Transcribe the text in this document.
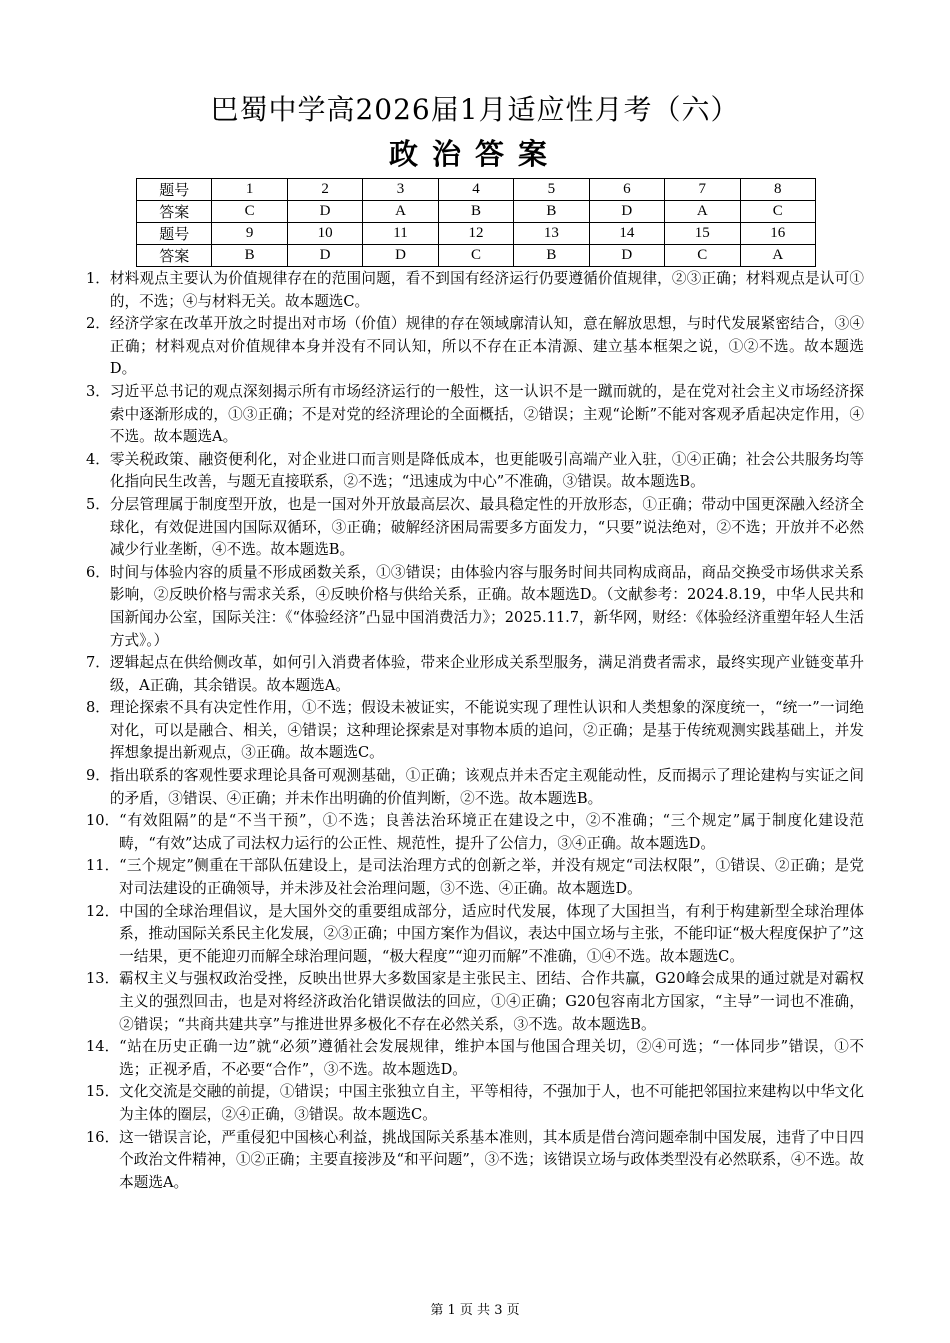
巴蜀中学高2026届1月适应性月考（六）
政治答案
题号	1	2	3	4	5	6	7	8
答案	C	D	A	B	B	D	A	C
题号	9	10	11	12	13	14	15	16
答案	B	D	D	C	B	D	C	A
1． 材料观点主要认为价值规律存在的范围问题，看不到国有经济运行仍要遵循价值规律，②③正确；材料观点是认可①的，不选；④与材料无关。故本题选C。
2． 经济学家在改革开放之时提出对市场（价值）规律的存在领域廓清认知，意在解放思想，与时代发展紧密结合，③④正确；材料观点对价值规律本身并没有不同认知，所以不存在正本清源、建立基本框架之说，①②不选。故本题选D。
3． 习近平总书记的观点深刻揭示所有市场经济运行的一般性，这一认识不是一蹴而就的，是在党对社会主义市场经济探索中逐渐形成的，①③正确；不是对党的经济理论的全面概括，②错误；主观“论断”不能对客观矛盾起决定作用，④不选。故本题选A。
4． 零关税政策、融资便利化，对企业进口而言则是降低成本，也更能吸引高端产业入驻，①④正确；社会公共服务均等化指向民生改善，与题无直接联系，②不选；“迅速成为中心”不准确，③错误。故本题选B。
5． 分层管理属于制度型开放，也是一国对外开放最高层次、最具稳定性的开放形态，①正确；带动中国更深融入经济全球化，有效促进国内国际双循环，③正确；破解经济困局需要多方面发力，“只要”说法绝对，②不选；开放并不必然减少行业垄断，④不选。故本题选B。
6． 时间与体验内容的质量不形成函数关系，①③错误；由体验内容与服务时间共同构成商品，商品交换受市场供求关系影响，②反映价格与需求关系，④反映价格与供给关系，正确。故本题选D。（文献参考：2024.8.19，中华人民共和国新闻办公室，国际关注：《“体验经济”凸显中国消费活力》；2025.11.7，新华网，财经：《体验经济重塑年轻人生活方式》。）
7． 逻辑起点在供给侧改革，如何引入消费者体验，带来企业形成关系型服务，满足消费者需求，最终实现产业链变革升级，A正确，其余错误。故本题选A。
8． 理论探索不具有决定性作用，①不选；假设未被证实，不能说实现了理性认识和人类想象的深度统一，“统一”一词绝对化，可以是融合、相关，④错误；这种理论探索是对事物本质的追问，②正确；是基于传统观测实践基础上，并发挥想象提出新观点，③正确。故本题选C。
9． 指出联系的客观性要求理论具备可观测基础，①正确；该观点并未否定主观能动性，反而揭示了理论建构与实证之间的矛盾，③错误、④正确；并未作出明确的价值判断，②不选。故本题选B。
10． “有效阻隔”的是“不当干预”，①不选；良善法治环境正在建设之中，②不准确；“三个规定”属于制度化建设范畴，“有效”达成了司法权力运行的公正性、规范性，提升了公信力，③④正确。故本题选D。
11． “三个规定”侧重在干部队伍建设上，是司法治理方式的创新之举，并没有规定“司法权限”，①错误、②正确；是党对司法建设的正确领导，并未涉及社会治理问题，③不选、④正确。故本题选D。
12． 中国的全球治理倡议，是大国外交的重要组成部分，适应时代发展，体现了大国担当，有利于构建新型全球治理体系，推动国际关系民主化发展，②③正确；中国方案作为倡议，表达中国立场与主张，不能印证“极大程度保护了”这一结果，更不能迎刃而解全球治理问题，“极大程度”“迎刃而解”不准确，①④不选。故本题选C。
13． 霸权主义与强权政治受挫，反映出世界大多数国家是主张民主、团结、合作共赢，G20峰会成果的通过就是对霸权主义的强烈回击，也是对将经济政治化错误做法的回应，①④正确；G20包容南北方国家，“主导”一词也不准确，②错误；“共商共建共享”与推进世界多极化不存在必然关系，③不选。故本题选B。
14． “站在历史正确一边”就“必须”遵循社会发展规律，维护本国与他国合理关切，②④可选；“一体同步”错误，①不选；正视矛盾，不必要“合作”，③不选。故本题选D。
15． 文化交流是交融的前提，①错误；中国主张独立自主，平等相待，不强加于人，也不可能把邻国拉来建构以中华文化为主体的圈层，②④正确，③错误。故本题选C。
16． 这一错误言论，严重侵犯中国核心利益，挑战国际关系基本准则，其本质是借台湾问题牵制中国发展，违背了中日四个政治文件精神，①②正确；主要直接涉及“和平问题”，③不选；该错误立场与政体类型没有必然联系，④不选。故本题选A。
第 1 页 共 3 页
